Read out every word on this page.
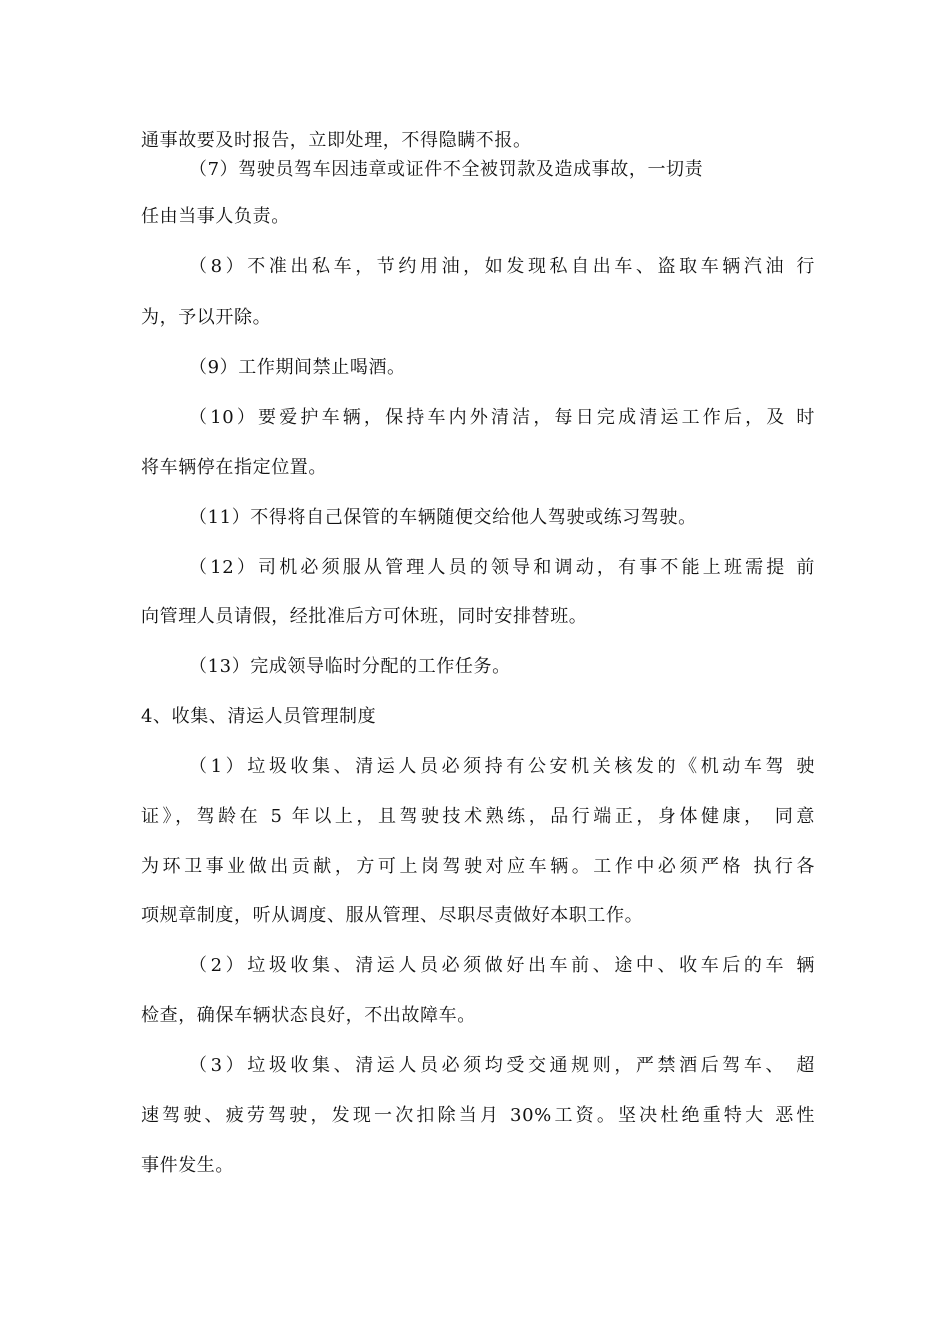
通事故要及时报告，立即处理，不得隐瞒不报。
（7）驾驶员驾车因违章或证件不全被罚款及造成事故，一切责
任由当事人负责。
（8）不准出私车，节约用油，如发现私自出车、盗取车辆汽油 行
为，予以开除。
（9）工作期间禁止喝酒。
（10）要爱护车辆，保持车内外清洁，每日完成清运工作后，及 时
将车辆停在指定位置。
（11）不得将自己保管的车辆随便交给他人驾驶或练习驾驶。
（12）司机必须服从管理人员的领导和调动，有事不能上班需提 前
向管理人员请假，经批准后方可休班，同时安排替班。
（13）完成领导临时分配的工作任务。
4、收集、清运人员管理制度
（1）垃圾收集、清运人员必须持有公安机关核发的《机动车驾 驶
证》，驾龄在 5 年以上，且驾驶技术熟练，品行端正，身体健康， 同意
为环卫事业做出贡献，方可上岗驾驶对应车辆。工作中必须严格 执行各
项规章制度，听从调度、服从管理、尽职尽责做好本职工作。
（2）垃圾收集、清运人员必须做好出车前、途中、收车后的车 辆
检查，确保车辆状态良好，不出故障车。
（3）垃圾收集、清运人员必须均受交通规则，严禁酒后驾车、 超
速驾驶、疲劳驾驶，发现一次扣除当月 30%工资。坚决杜绝重特大 恶性
事件发生。
